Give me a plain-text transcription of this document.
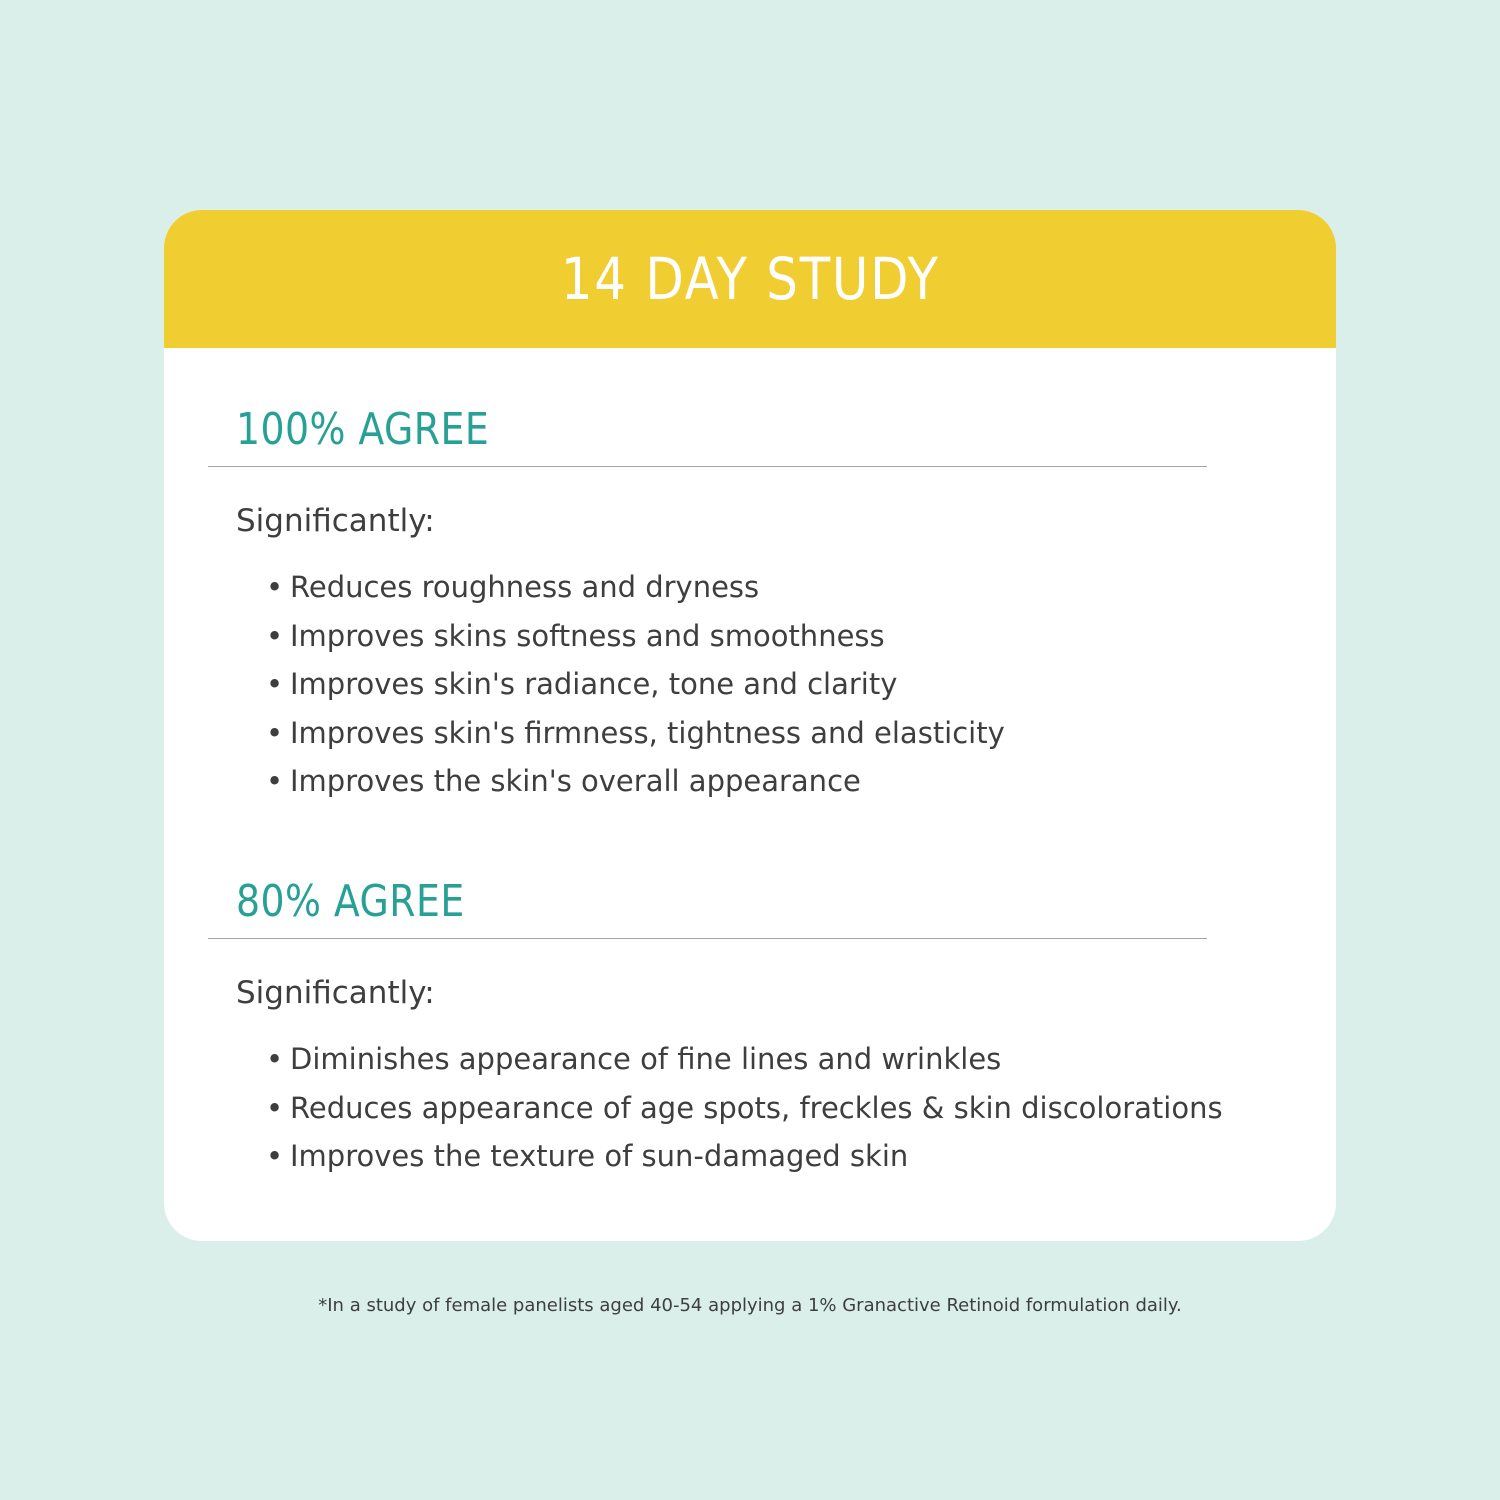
14 DAY STUDY
100% AGREE
Significantly:
• Reduces roughness and dryness
• Improves skins softness and smoothness
• Improves skin's radiance, tone and clarity
• Improves skin's firmness, tightness and elasticity
• Improves the skin's overall appearance
80% AGREE
Significantly:
• Diminishes appearance of fine lines and wrinkles
• Reduces appearance of age spots, freckles & skin discolorations
• Improves the texture of sun-damaged skin
*In a study of female panelists aged 40-54 applying a 1% Granactive Retinoid formulation daily.
